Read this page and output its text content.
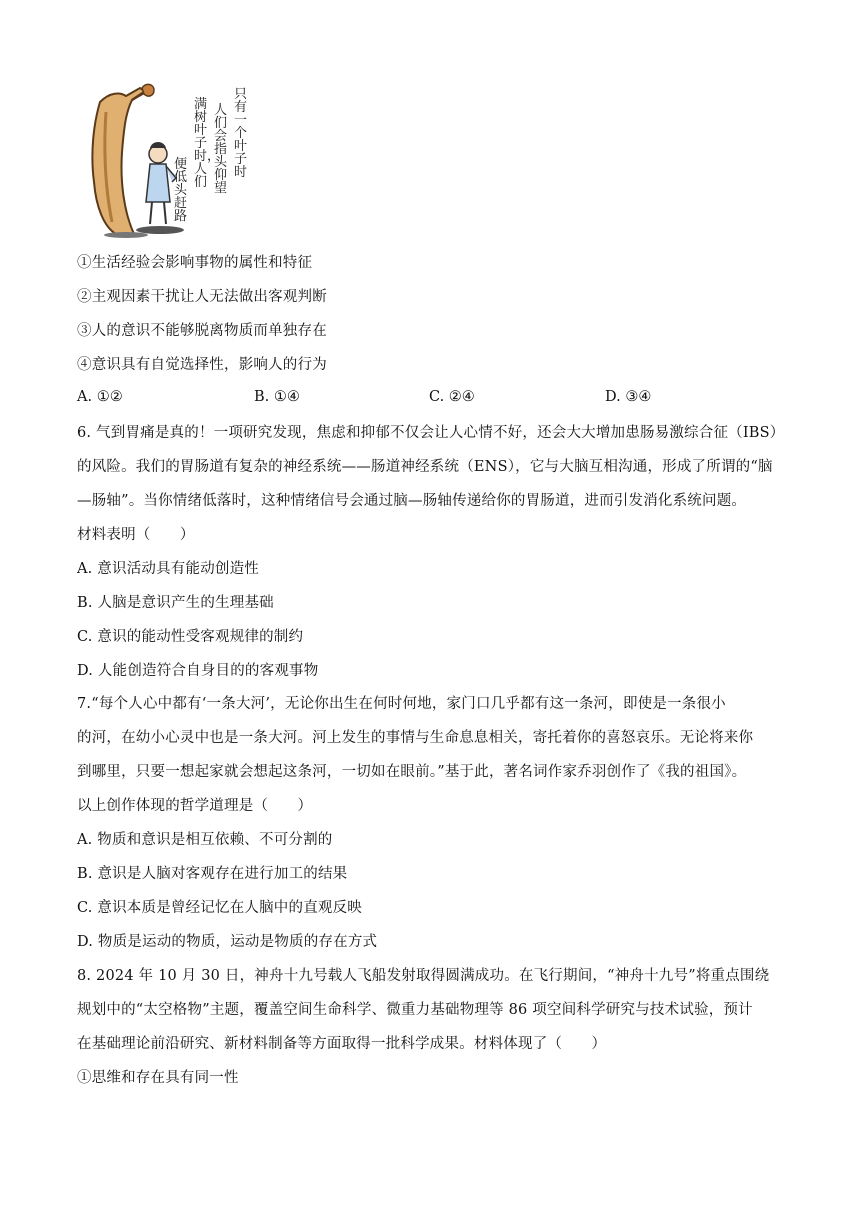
只有一个叶子时
人们会指头仰望
满树叶子时，人们
便低头赶路
①生活经验会影响事物的属性和特征
②主观因素干扰让人无法做出客观判断
③人的意识不能够脱离物质而单独存在
④意识具有自觉选择性，影响人的行为
A. ①②	B. ①④	C. ②④	D. ③④
6. 气到胃痛是真的！一项研究发现，焦虑和抑郁不仅会让人心情不好，还会大大增加患肠易激综合征（IBS）
的风险。我们的胃肠道有复杂的神经系统——肠道神经系统（ENS），它与大脑互相沟通，形成了所谓的“脑
—肠轴”。当你情绪低落时，这种情绪信号会通过脑—肠轴传递给你的胃肠道，进而引发消化系统问题。
材料表明（　　）
A. 意识活动具有能动创造性
B. 人脑是意识产生的生理基础
C. 意识的能动性受客观规律的制约
D. 人能创造符合自身目的的客观事物
7.“每个人心中都有‘一条大河’，无论你出生在何时何地，家门口几乎都有这一条河，即使是一条很小
的河，在幼小心灵中也是一条大河。河上发生的事情与生命息息相关，寄托着你的喜怒哀乐。无论将来你
到哪里，只要一想起家就会想起这条河，一切如在眼前。”基于此，著名词作家乔羽创作了《我的祖国》。
以上创作体现的哲学道理是（　　）
A. 物质和意识是相互依赖、不可分割的
B. 意识是人脑对客观存在进行加工的结果
C. 意识本质是曾经记忆在人脑中的直观反映
D. 物质是运动的物质，运动是物质的存在方式
8. 2024 年 10 月 30 日，神舟十九号载人飞船发射取得圆满成功。在飞行期间，“神舟十九号”将重点围绕
规划中的“太空格物”主题，覆盖空间生命科学、微重力基础物理等 86 项空间科学研究与技术试验，预计
在基础理论前沿研究、新材料制备等方面取得一批科学成果。材料体现了（　　）
①思维和存在具有同一性
